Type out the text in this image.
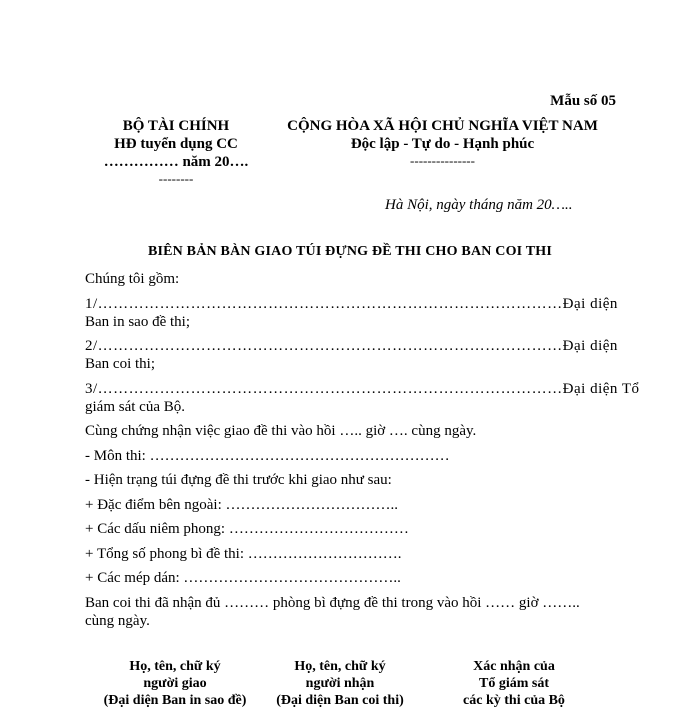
Mẫu số 05
BỘ TÀI CHÍNH
HĐ tuyển dụng CC
…………… năm 20….
--------
CỘNG HÒA XÃ HỘI CHỦ NGHĨA VIỆT NAM
Độc lập - Tự do - Hạnh phúc
---------------
Hà Nội, ngày tháng năm 20…..
BIÊN BẢN BÀN GIAO TÚI ĐỰNG ĐỀ THI CHO BAN COI THI
Chúng tôi gồm:
1/………………………………………………………………………………Đại diện
Ban in sao đề thi;
2/………………………………………………………………………………Đại diện
Ban coi thi;
3/………………………………………………………………………………Đại diện Tổ
giám sát của Bộ.
Cùng chứng nhận việc giao đề thi vào hồi ….. giờ …. cùng ngày.
- Môn thi: ……………………………………………………
- Hiện trạng túi đựng đề thi trước khi giao như sau:
+ Đặc điểm bên ngoài: ……………………………..
+ Các dấu niêm phong: ………………………………
+ Tổng số phong bì đề thi: ………………………….
+ Các mép dán: ……………………………………..
Ban coi thi đã nhận đủ ……… phòng bì đựng đề thi trong vào hồi …… giờ ……..
cùng ngày.
Họ, tên, chữ ký
người giao
(Đại diện Ban in sao đề)
Họ, tên, chữ ký
người nhận
(Đại diện Ban coi thi)
Xác nhận của
Tổ giám sát
các kỳ thi của Bộ
